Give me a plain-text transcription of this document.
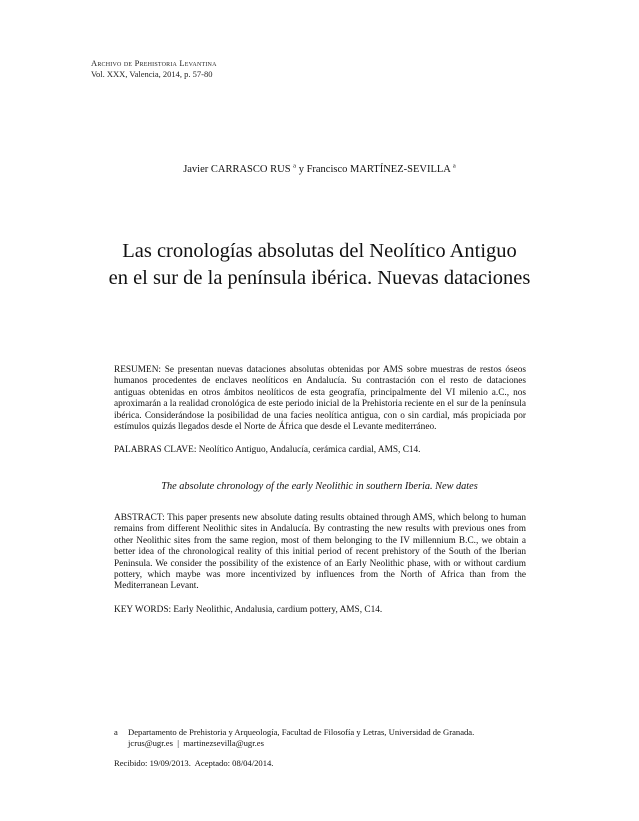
Archivo de Prehistoria Levantina
Vol. XXX, Valencia, 2014, p. 57-80
Javier CARRASCO RUS $^a$ y Francisco MARTÍNEZ-SEVILLA $^a$
Las cronologías absolutas del Neolítico Antiguo
en el sur de la península ibérica. Nuevas dataciones
RESUMEN: Se presentan nuevas dataciones absolutas obtenidas por AMS sobre muestras de restos óseos humanos procedentes de enclaves neolíticos en Andalucía. Su contrastación con el resto de dataciones antiguas obtenidas en otros ámbitos neolíticos de esta geografía, principalmente del VI milenio a.C., nos aproximarán a la realidad cronológica de este periodo inicial de la Prehistoria reciente en el sur de la península ibérica. Considerándose la posibilidad de una facies neolítica antigua, con o sin cardial, más propiciada por estímulos quizás llegados desde el Norte de África que desde el Levante mediterráneo.
PALABRAS CLAVE: Neolítico Antiguo, Andalucía, cerámica cardial, AMS, C14.
The absolute chronology of the early Neolithic in southern Iberia. New dates
ABSTRACT: This paper presents new absolute dating results obtained through AMS, which belong to human remains from different Neolithic sites in Andalucía. By contrasting the new results with previous ones from other Neolithic sites from the same region, most of them belonging to the IV millennium B.C., we obtain a better idea of the chronological reality of this initial period of recent prehistory of the South of the Iberian Peninsula. We consider the possibility of the existence of an Early Neolithic phase, with or without cardium pottery, which maybe was more incentivized by influences from the North of Africa than from the Mediterranean Levant.
KEY WORDS: Early Neolithic, Andalusia, cardium pottery, AMS, C14.
a Departamento de Prehistoria y Arqueología, Facultad de Filosofía y Letras, Universidad de Granada.
jcrus@ugr.es  |  martinezsevilla@ugr.es
Recibido: 19/09/2013.  Aceptado: 08/04/2014.
